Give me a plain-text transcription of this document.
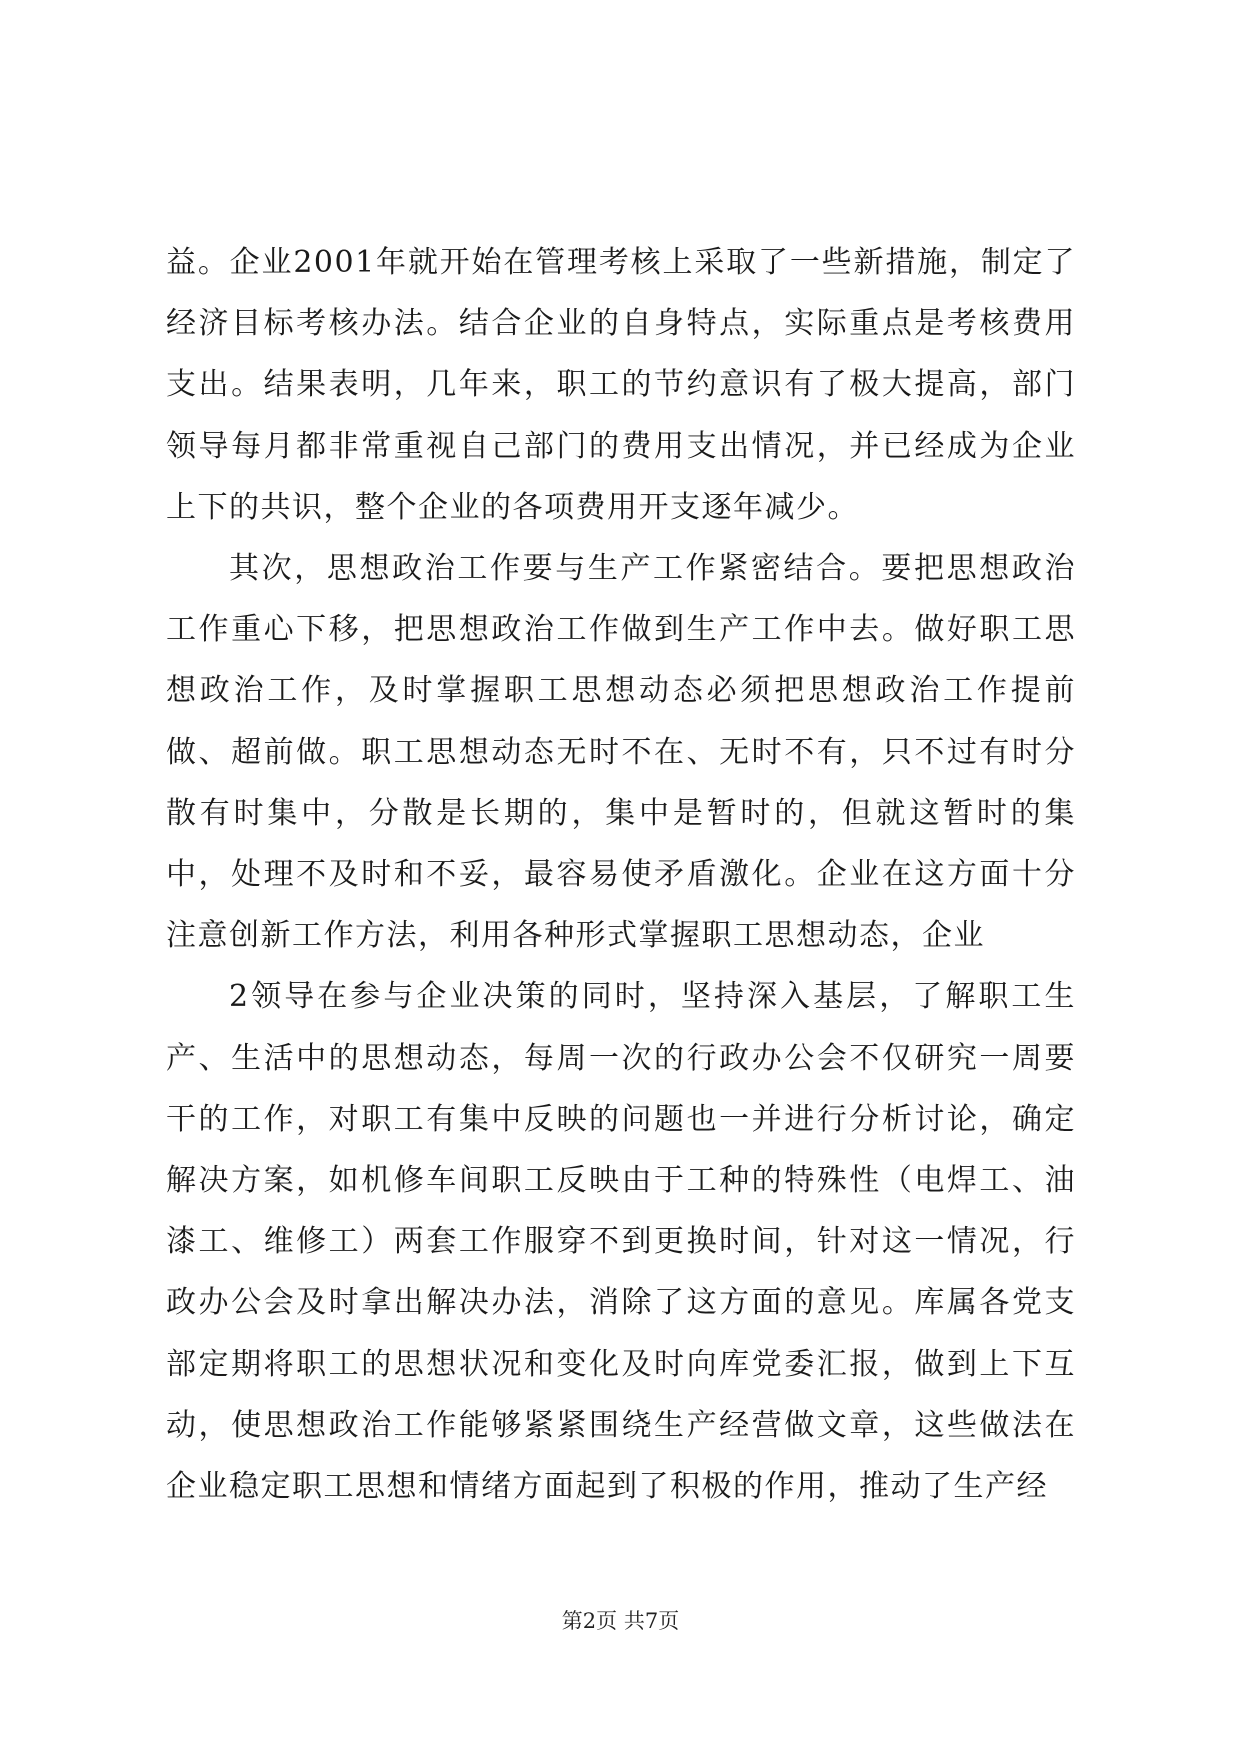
益。企业2001年就开始在管理考核上采取了一些新措施，制定了经济目标考核办法。结合企业的自身特点，实际重点是考核费用支出。结果表明，几年来，职工的节约意识有了极大提高，部门领导每月都非常重视自己部门的费用支出情况，并已经成为企业上下的共识，整个企业的各项费用开支逐年减少。

其次，思想政治工作要与生产工作紧密结合。要把思想政治工作重心下移，把思想政治工作做到生产工作中去。做好职工思想政治工作，及时掌握职工思想动态必须把思想政治工作提前做、超前做。职工思想动态无时不在、无时不有，只不过有时分散有时集中，分散是长期的，集中是暂时的，但就这暂时的集中，处理不及时和不妥，最容易使矛盾激化。企业在这方面十分注意创新工作方法，利用各种形式掌握职工思想动态，企业

2领导在参与企业决策的同时，坚持深入基层，了解职工生产、生活中的思想动态，每周一次的行政办公会不仅研究一周要干的工作，对职工有集中反映的问题也一并进行分析讨论，确定解决方案，如机修车间职工反映由于工种的特殊性（电焊工、油漆工、维修工）两套工作服穿不到更换时间，针对这一情况，行政办公会及时拿出解决办法，消除了这方面的意见。库属各党支部定期将职工的思想状况和变化及时向库党委汇报，做到上下互动，使思想政治工作能够紧紧围绕生产经营做文章，这些做法在企业稳定职工思想和情绪方面起到了积极的作用，推动了生产经

第2页 共7页
